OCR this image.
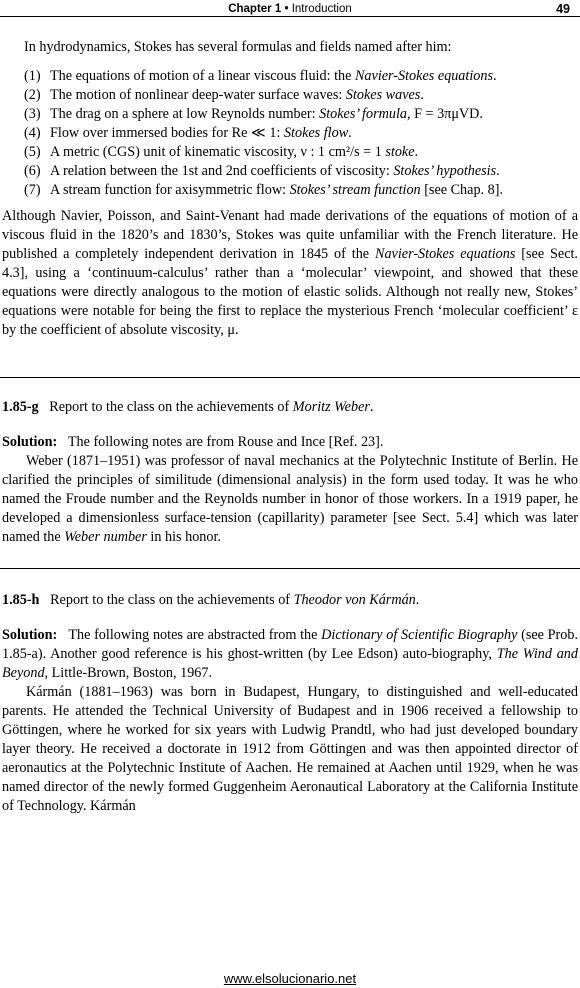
Chapter 1 • Introduction	49

In hydrodynamics, Stokes has several formulas and fields named after him:

(1) The equations of motion of a linear viscous fluid: the Navier-Stokes equations.
(2) The motion of nonlinear deep-water surface waves: Stokes waves.
(3) The drag on a sphere at low Reynolds number: Stokes’ formula, F = 3πμVD.
(4) Flow over immersed bodies for Re ≪ 1: Stokes flow.
(5) A metric (CGS) unit of kinematic viscosity, ν : 1 cm²/s = 1 stoke.
(6) A relation between the 1st and 2nd coefficients of viscosity: Stokes’ hypothesis.
(7) A stream function for axisymmetric flow: Stokes’ stream function [see Chap. 8].

Although Navier, Poisson, and Saint-Venant had made derivations of the equations of motion of a viscous fluid in the 1820’s and 1830’s, Stokes was quite unfamiliar with the French literature. He published a completely independent derivation in 1845 of the Navier-Stokes equations [see Sect. 4.3], using a ‘continuum-calculus’ rather than a ‘molecular’ viewpoint, and showed that these equations were directly analogous to the motion of elastic solids. Although not really new, Stokes’ equations were notable for being the first to replace the mysterious French ‘molecular coefficient’ ε by the coefficient of absolute viscosity, μ.

1.85-g Report to the class on the achievements of Moritz Weber.

Solution: The following notes are from Rouse and Ince [Ref. 23].

Weber (1871–1951) was professor of naval mechanics at the Polytechnic Institute of Berlin. He clarified the principles of similitude (dimensional analysis) in the form used today. It was he who named the Froude number and the Reynolds number in honor of those workers. In a 1919 paper, he developed a dimensionless surface-tension (capillarity) parameter [see Sect. 5.4] which was later named the Weber number in his honor.

1.85-h Report to the class on the achievements of Theodor von Kármán.

Solution: The following notes are abstracted from the Dictionary of Scientific Biography (see Prob. 1.85-a). Another good reference is his ghost-written (by Lee Edson) auto-biography, The Wind and Beyond, Little-Brown, Boston, 1967.

Kármán (1881–1963) was born in Budapest, Hungary, to distinguished and well-educated parents. He attended the Technical University of Budapest and in 1906 received a fellowship to Göttingen, where he worked for six years with Ludwig Prandtl, who had just developed boundary layer theory. He received a doctorate in 1912 from Göttingen and was then appointed director of aeronautics at the Polytechnic Institute of Aachen. He remained at Aachen until 1929, when he was named director of the newly formed Guggenheim Aeronautical Laboratory at the California Institute of Technology. Kármán

www.elsolucionario.net
